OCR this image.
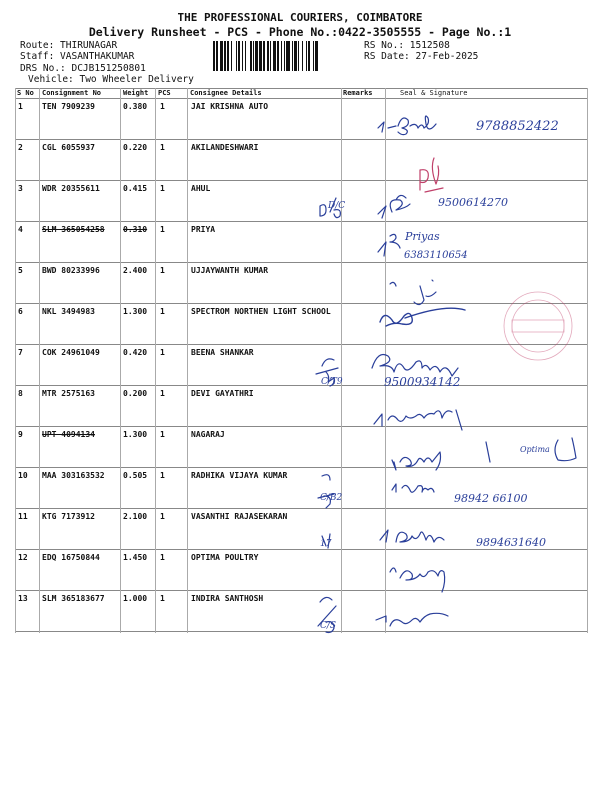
THE PROFESSIONAL COURIERS, COIMBATORE
Delivery Runsheet - PCS - Phone No.:0422-3505555 - Page No.:1
Route: THIRUNAGAR
Staff: VASANTHAKUMAR
DRS No.: DCJB151250801
Vehicle: Two Wheeler Delivery
RS No.: 1512508
RS Date: 27-Feb-2025
S No Consignment No	Weight PCS	Consignee Details	Remarks	Seal & Signature
1 TEN 7909239	0.380 1	JAI KRISHNA AUTO
2 CGL 6055937	0.220 1	AKILANDESHWARI
3 WDR 20355611	0.415 1	AHUL
4 SLM 365054258 0.310 1	PRIYA
5 BWD 80233996	2.400 1	UJJAYWANTH KUMAR
6 NKL 3494983	1.300 1	SPECTROM NORTHEN LIGHT SCHOOL
7 COK 24961049	0.420 1	BEENA SHANKAR
8 MTR 2575163	0.200 1	DEVI GAYATHRI
9 UPT 4094134	1.300 1	NAGARAJ
10 MAA 303163532 0.505 1	RADHIKA VIJAYA KUMAR
11 KTG 7173912	2.100 1	VASANTHI RAJASEKARAN
12 EDQ 16750844	1.450 1	OPTIMA POULTRY
13 SLM 365183677 1.000 1	INDIRA SANTHOSH
9788852422
9500614270
Priyas
6383110654
9500934142
98942 66100
9894631640
Optima
D/C
C/T9
C/B2
17
C/S
